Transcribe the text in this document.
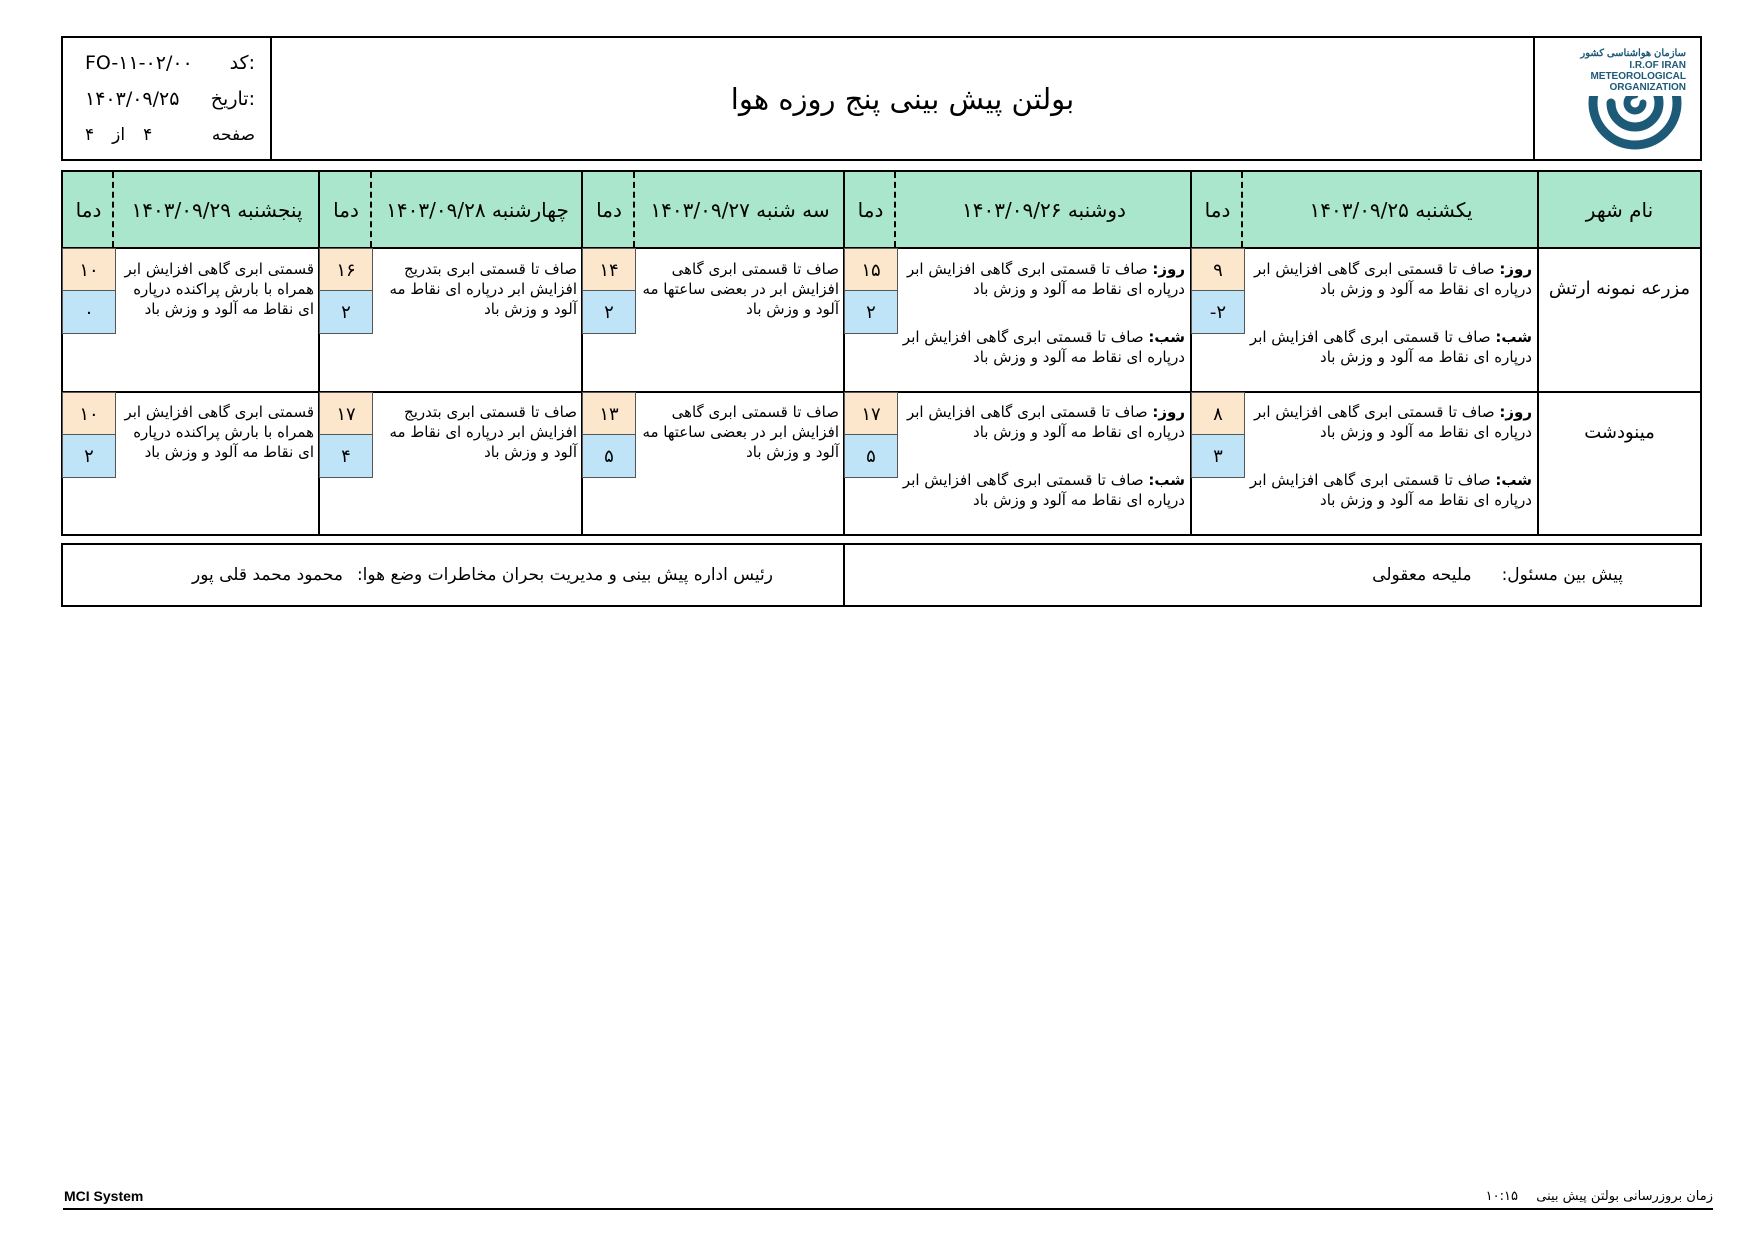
FO-۱۱-۰۲/۰۰ کد:
۱۴۰۳/۰۹/۲۵ تاریخ:
۴ از ۴	صفحه
بولتن پیش بینی پنج روزه هوا
سازمان هواشناسی کشور
I.R.OF IRAN
METEOROLOGICAL
ORGANIZATION
نام شهر
یکشنبه ۱۴۰۳/۰۹/۲۵
دما
دوشنبه ۱۴۰۳/۰۹/۲۶
دما
سه شنبه ۱۴۰۳/۰۹/۲۷
دما
چهارشنبه ۱۴۰۳/۰۹/۲۸
دما
پنجشنبه ۱۴۰۳/۰۹/۲۹
دما
مزرعه نمونه ارتش
روز: صاف تا قسمتی ابری گاهی افزایش ابر درپاره ای نقاط مه آلود و وزش باد
شب: صاف تا قسمتی ابری گاهی افزایش ابر درپاره ای نقاط مه آلود و وزش باد
۹
-۲
روز: صاف تا قسمتی ابری گاهی افزایش ابر درپاره ای نقاط مه آلود و وزش باد
شب: صاف تا قسمتی ابری گاهی افزایش ابر درپاره ای نقاط مه آلود و وزش باد
۱۵
۲
صاف تا قسمتی ابری گاهی افزایش ابر در بعضی ساعتها مه آلود و وزش باد
۱۴
۲
صاف تا قسمتی ابری بتدریج افزایش ابر درپاره ای نقاط مه آلود و وزش باد
۱۶
۲
قسمتی ابری گاهی افزایش ابر همراه با بارش پراکنده درپاره ای نقاط مه آلود و وزش باد
۱۰
۰
مینودشت
روز: صاف تا قسمتی ابری گاهی افزایش ابر درپاره ای نقاط مه آلود و وزش باد
شب: صاف تا قسمتی ابری گاهی افزایش ابر درپاره ای نقاط مه آلود و وزش باد
۸
۳
روز: صاف تا قسمتی ابری گاهی افزایش ابر درپاره ای نقاط مه آلود و وزش باد
شب: صاف تا قسمتی ابری گاهی افزایش ابر درپاره ای نقاط مه آلود و وزش باد
۱۷
۵
صاف تا قسمتی ابری گاهی افزایش ابر در بعضی ساعتها مه آلود و وزش باد
۱۳
۵
صاف تا قسمتی ابری بتدریج افزایش ابر درپاره ای نقاط مه آلود و وزش باد
۱۷
۴
قسمتی ابری گاهی افزایش ابر همراه با بارش پراکنده درپاره ای نقاط مه آلود و وزش باد
۱۰
۲
پیش بین مسئول:
ملیحه معقولی
رئیس اداره پیش بینی و مدیریت بحران مخاطرات وضع هوا:
محمود محمد قلی پور
MCI System	زمان بروزرسانی بولتن پیش بینی  ۱۰:۱۵
